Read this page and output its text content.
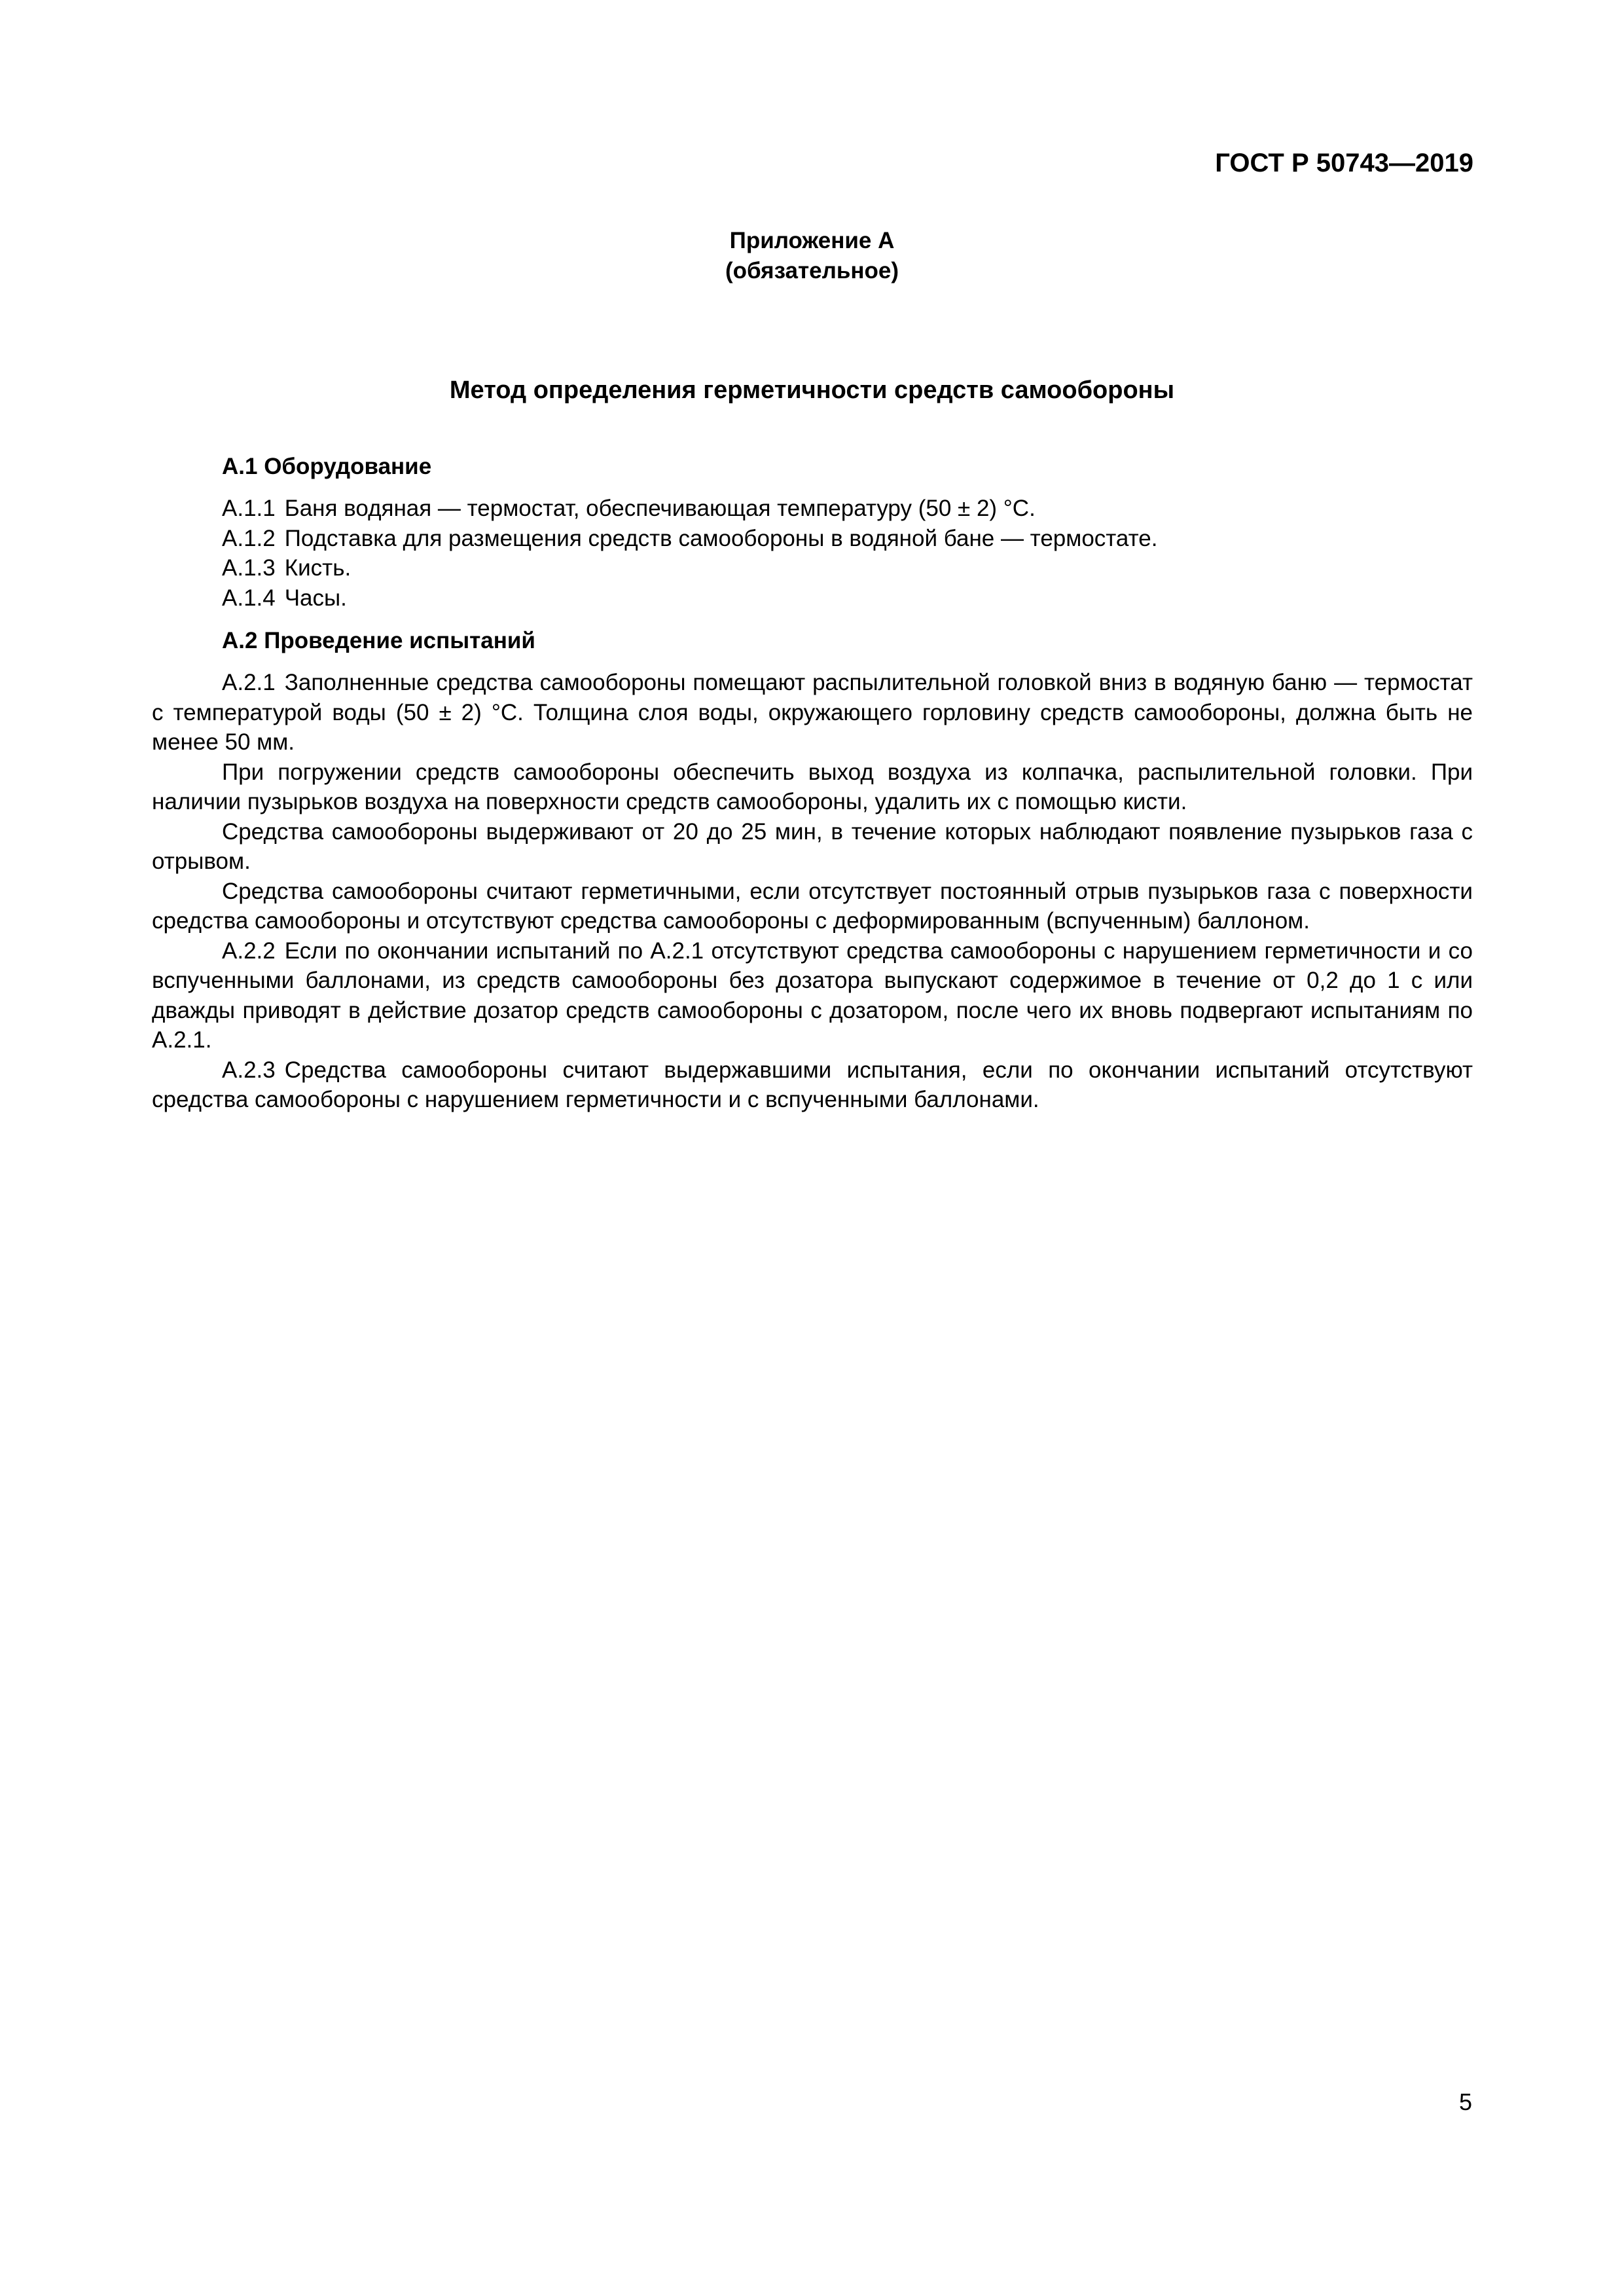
ГОСТ Р 50743—2019
Приложение А
(обязательное)
Метод определения герметичности средств самообороны
А.1 Оборудование
А.1.1 Баня водяная — термостат, обеспечивающая температуру (50 ± 2) °С.
А.1.2 Подставка для размещения средств самообороны в водяной бане — термостате.
А.1.3 Кисть.
А.1.4 Часы.
А.2 Проведение испытаний

А.2.1 Заполненные средства самообороны помещают распылительной головкой вниз в водяную баню — термостат с температурой воды (50 ± 2) °С. Толщина слоя воды, окружающего горловину средств самообороны, должна быть не менее 50 мм.

При погружении средств самообороны обеспечить выход воздуха из колпачка, распылительной головки. При наличии пузырьков воздуха на поверхности средств самообороны, удалить их с помощью кисти.

Средства самообороны выдерживают от 20 до 25 мин, в течение которых наблюдают появление пузырьков газа с отрывом.

Средства самообороны считают герметичными, если отсутствует постоянный отрыв пузырьков газа с поверхности средства самообороны и отсутствуют средства самообороны с деформированным (вспученным) баллоном.

А.2.2 Если по окончании испытаний по А.2.1 отсутствуют средства самообороны с нарушением герметичности и со вспученными баллонами, из средств самообороны без дозатора выпускают содержимое в течение от 0,2 до 1 с или дважды приводят в действие дозатор средств самообороны с дозатором, после чего их вновь подвергают испытаниям по А.2.1.

А.2.3 Средства самообороны считают выдержавшими испытания, если по окончании испытаний отсутствуют средства самообороны с нарушением герметичности и с вспученными баллонами.

5
